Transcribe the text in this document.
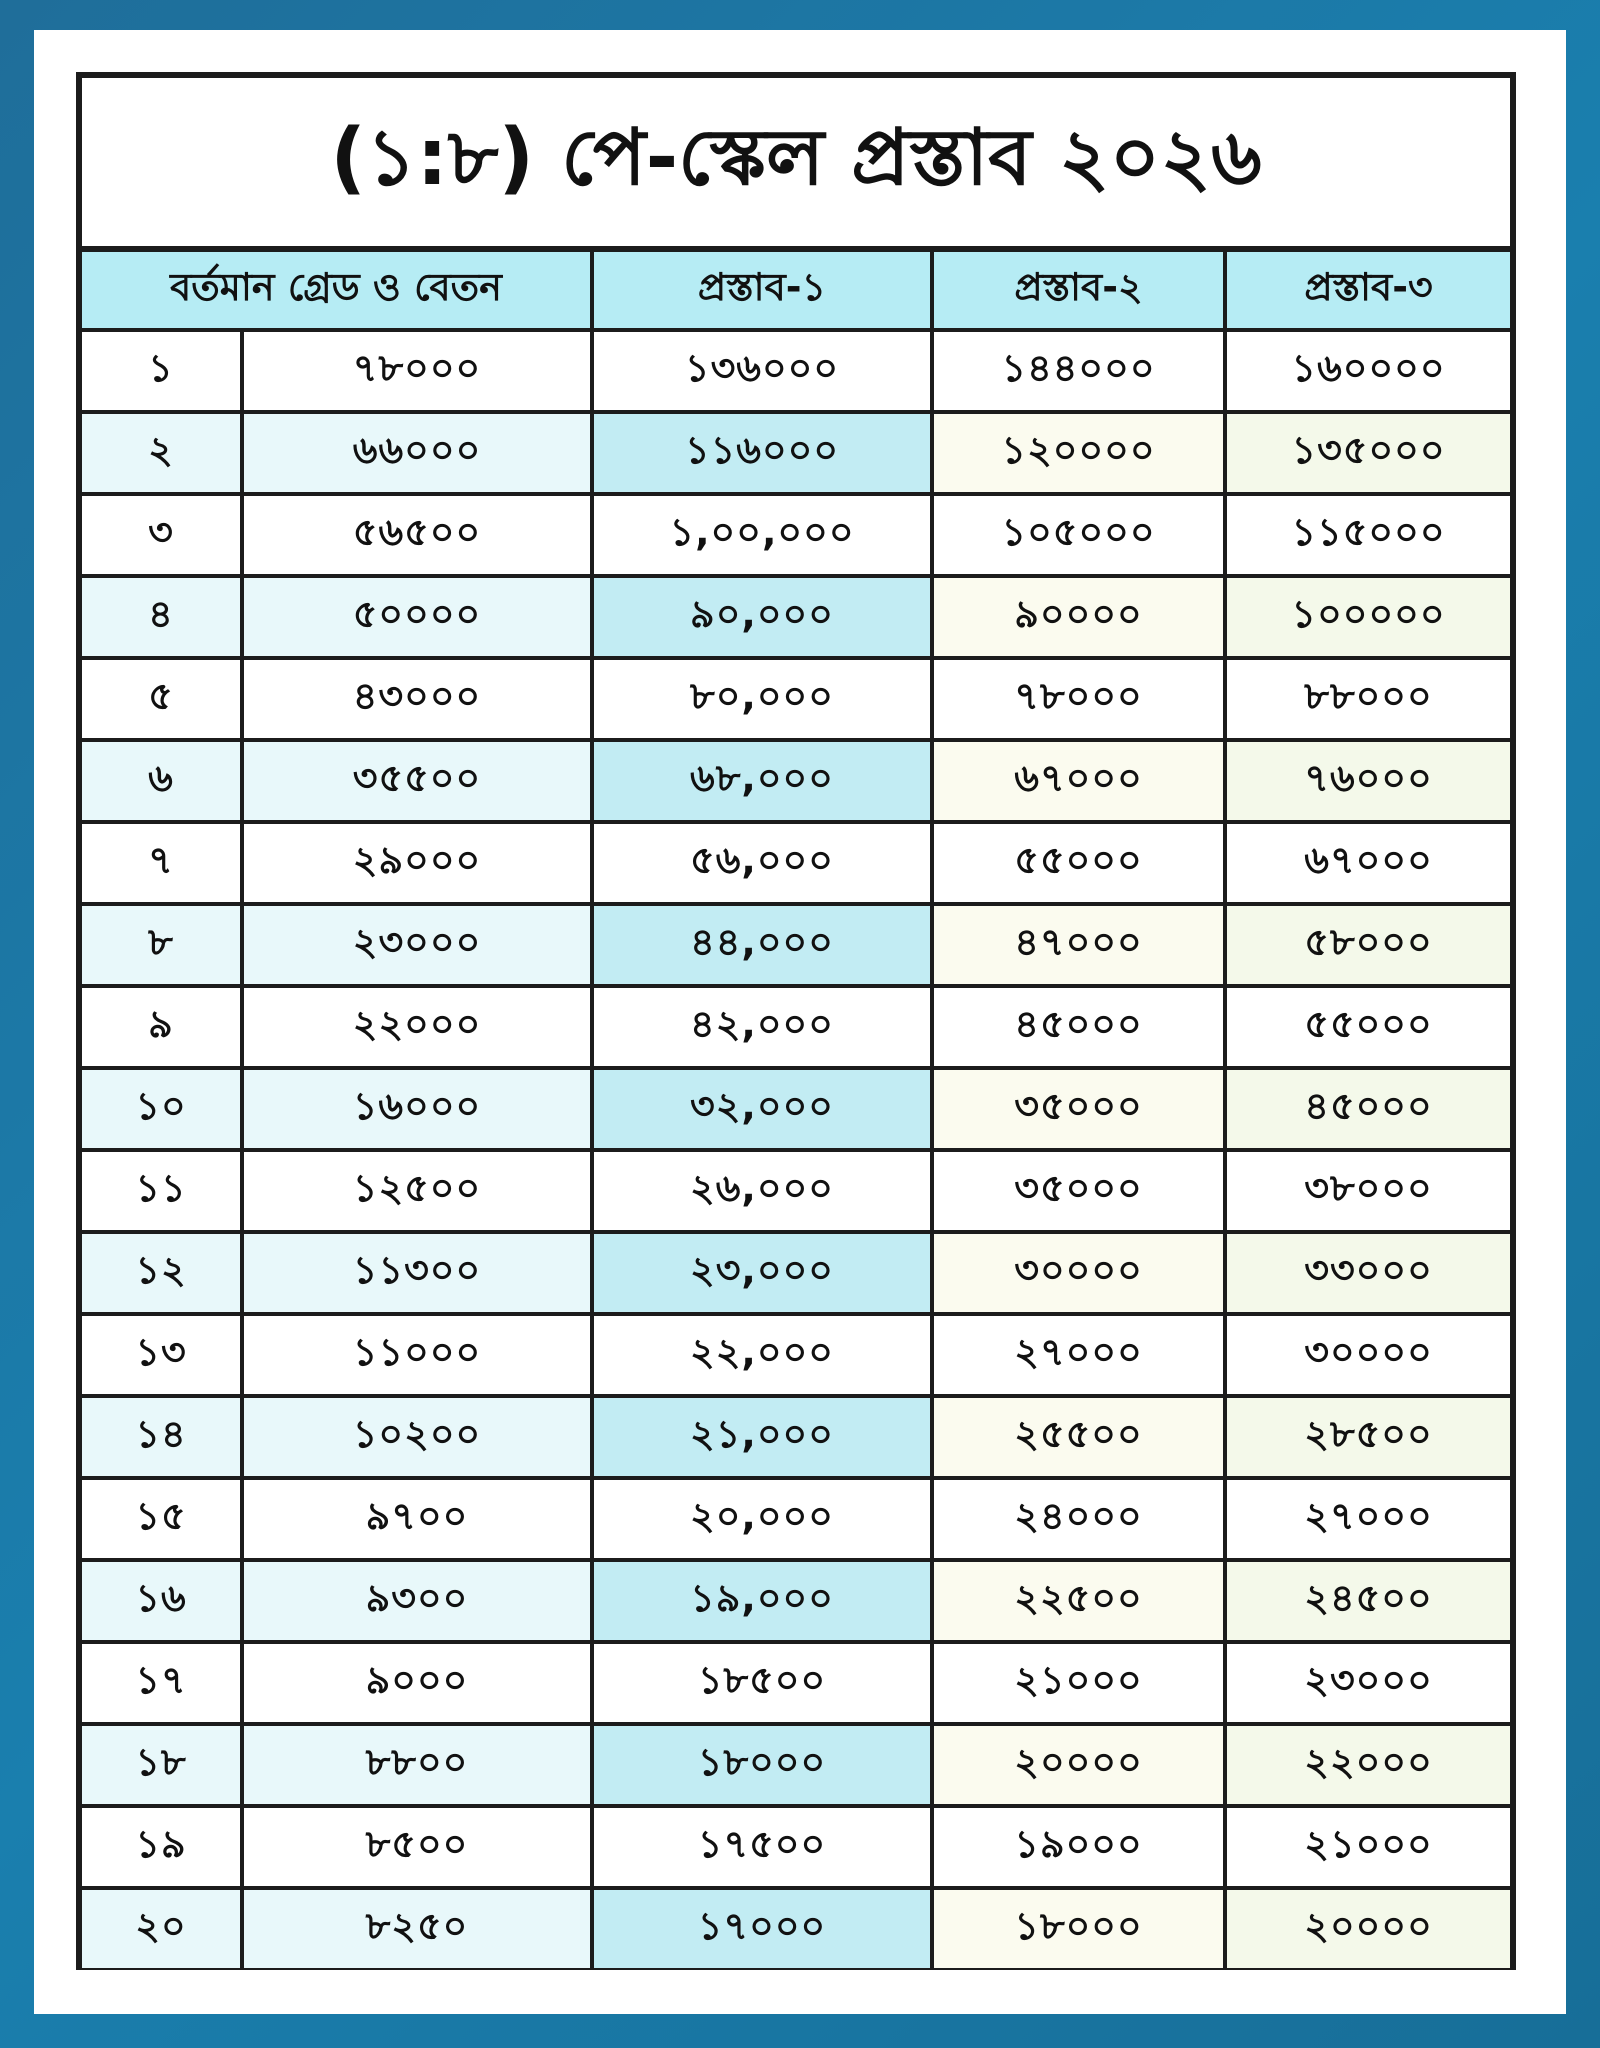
(১:৮) পে-স্কেল প্রস্তাব ২০২৬
বর্তমান গ্রেড ও বেতন		প্রস্তাব-১	প্রস্তাব-২	প্রস্তাব-৩
১	৭৮০০০	১৩৬০০০	১৪৪০০০	১৬০০০০
২	৬৬০০০	১১৬০০০	১২০০০০	১৩৫০০০
৩	৫৬৫০০	১,০০,০০০	১০৫০০০	১১৫০০০
৪	৫০০০০	৯০,০০০	৯০০০০	১০০০০০
৫	৪৩০০০	৮০,০০০	৭৮০০০	৮৮০০০
৬	৩৫৫০০	৬৮,০০০	৬৭০০০	৭৬০০০
৭	২৯০০০	৫৬,০০০	৫৫০০০	৬৭০০০
৮	২৩০০০	৪৪,০০০	৪৭০০০	৫৮০০০
৯	২২০০০	৪২,০০০	৪৫০০০	৫৫০০০
১০	১৬০০০	৩২,০০০	৩৫০০০	৪৫০০০
১১	১২৫০০	২৬,০০০	৩৫০০০	৩৮০০০
১২	১১৩০০	২৩,০০০	৩০০০০	৩৩০০০
১৩	১১০০০	২২,০০০	২৭০০০	৩০০০০
১৪	১০২০০	২১,০০০	২৫৫০০	২৮৫০০
১৫	৯৭০০	২০,০০০	২৪০০০	২৭০০০
১৬	৯৩০০	১৯,০০০	২২৫০০	২৪৫০০
১৭	৯০০০	১৮৫০০	২১০০০	২৩০০০
১৮	৮৮০০	১৮০০০	২০০০০	২২০০০
১৯	৮৫০০	১৭৫০০	১৯০০০	২১০০০
২০	৮২৫০	১৭০০০	১৮০০০	২০০০০
